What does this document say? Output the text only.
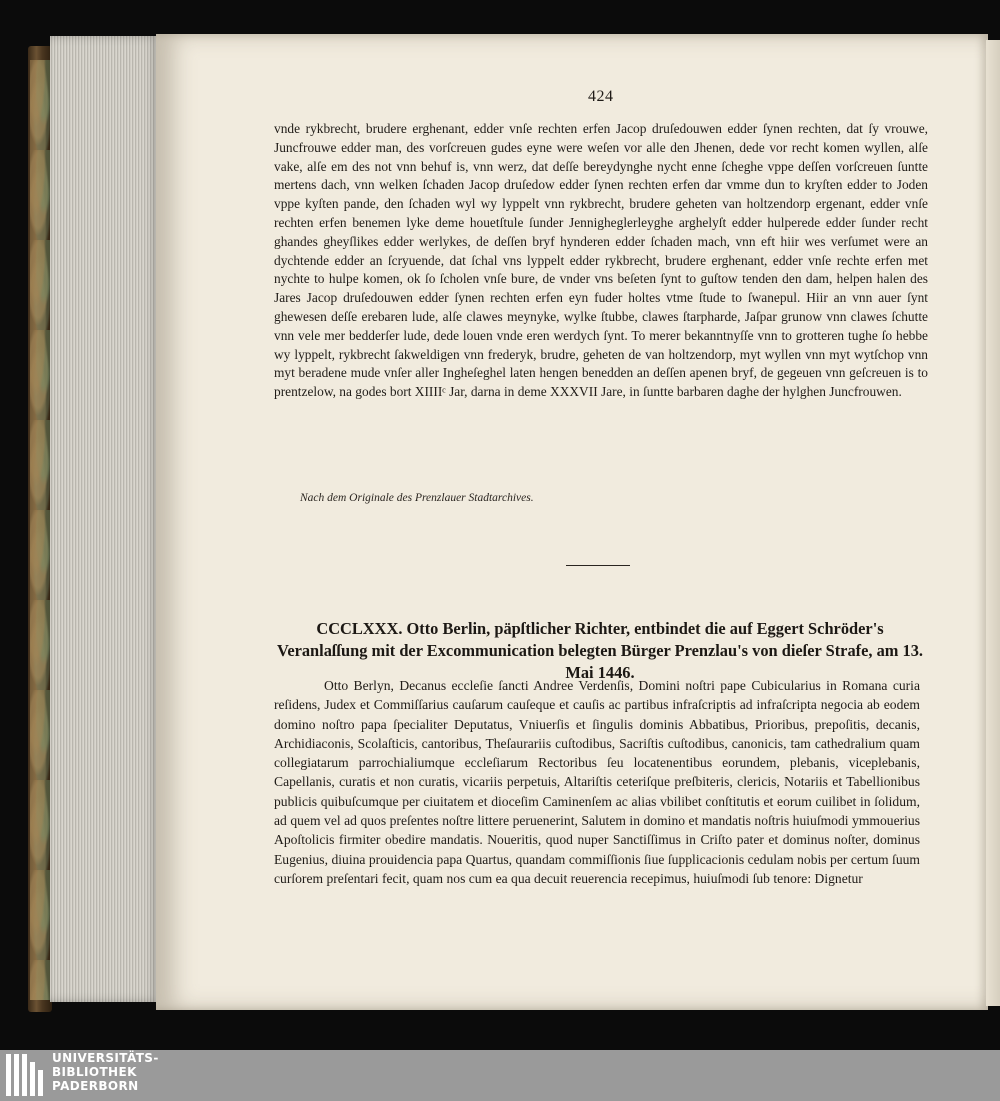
424

vnde rykbrecht, brudere erghenant, edder vnſe rechten erfen Jacop druſedouwen edder ſynen rechten, dat ſy vrouwe, Juncfrouwe edder man, des vorſcreuen gudes eyne were weſen vor alle den Jhenen, dede vor recht komen wyllen, alſe vake, alſe em des not vnn behuf is, vnn werz, dat deſſe bereydynghe nycht enne ſcheghe vppe deſſen vorſcreuen ſuntte mertens dach, vnn welken ſchaden Jacop druſedow edder ſynen rechten erfen dar vmme dun to kryſten edder to Joden vppe kyſten pande, den ſchaden wyl wy lyppelt vnn rykbrecht, brudere geheten van holtzendorp ergenant, edder vnſe rechten erfen benemen lyke deme houetſtule ſunder Jennigheglerleyghe arghelyſt edder hulperede edder ſunder recht ghandes gheyſlikes edder werlykes, de deſſen bryf hynderen edder ſchaden mach, vnn eft hiir wes verſumet were an dychtende edder an ſcryuende, dat ſchal vns lyppelt edder rykbrecht, brudere erghenant, edder vnſe rechte erfen met nychte to hulpe komen, ok ſo ſcholen vnſe bure, de vnder vns beſeten ſynt to guſtow tenden den dam, helpen halen des Jares Jacop druſedouwen edder ſynen rechten erfen eyn fuder holtes vtme ſtude to ſwanepul. Hiir an vnn auer ſynt ghewesen deſſe erebaren lude, alſe clawes meynyke, wylke ſtubbe, clawes ſtarpharde, Jaſpar grunow vnn clawes ſchutte vnn vele mer bedderſer lude, dede louen vnde eren werdych ſynt. To merer bekanntnyſſe vnn to grotteren tughe ſo hebbe wy lyppelt, rykbrecht ſakweldigen vnn frederyk, brudre, geheten de van holtzendorp, myt wyllen vnn myt wytſchop vnn myt beradene mude vnſer aller Ingheſeghel laten hengen benedden an deſſen apenen bryf, de gegeuen vnn geſcreuen is to prentzelow, na godes bort XIIIIᶜ Jar, darna in deme XXXVII Jare, in ſuntte barbaren daghe der hylghen Juncfrouwen.

Nach dem Originale des Prenzlauer Stadtarchives.
CCCLXXX. Otto Berlin, päpſtlicher Richter, entbindet die auf Eggert Schröder's Veranlaſſung mit der Excommunication belegten Bürger Prenzlau's von dieſer Strafe, am 13. Mai 1446.

Otto Berlyn, Decanus eccleſie ſancti Andree Verdenſis, Domini noſtri pape Cubicularius in Romana curia reſidens, Judex et Commiſſarius cauſarum cauſeque et cauſis ac partibus infraſcriptis ad infraſcripta negocia ab eodem domino noſtro papa ſpecialiter Deputatus, Vniuerſis et ſingulis dominis Abbatibus, Prioribus, prepoſitis, decanis, Archidiaconis, Scolaſticis, cantoribus, Theſaurariis cuſtodibus, Sacriſtis cuſtodibus, canonicis, tam cathedralium quam collegiatarum parrochialiumque eccleſiarum Rectoribus ſeu locatenentibus eorundem, plebanis, viceplebanis, Capellanis, curatis et non curatis, vicariis perpetuis, Altariſtis ceteriſque preſbiteris, clericis, Notariis et Tabellionibus publicis quibuſcumque per ciuitatem et dioceſim Caminenſem ac alias vbilibet conſtitutis et eorum cuilibet in ſolidum, ad quem vel ad quos preſentes noſtre littere peruenerint, Salutem in domino et mandatis noſtris huiuſmodi ymmouerius Apoſtolicis firmiter obedire mandatis. Noueritis, quod nuper Sanctiſſimus in Criſto pater et dominus noſter, dominus Eugenius, diuina prouidencia papa Quartus, quandam commiſſionis ſiue ſupplicacionis cedulam nobis per certum ſuum curſorem preſentari fecit, quam nos cum ea qua decuit reuerencia recepimus, huiuſmodi ſub tenore: Dignetur

UNIVERSITÄTS-
BIBLIOTHEK
PADERBORN
